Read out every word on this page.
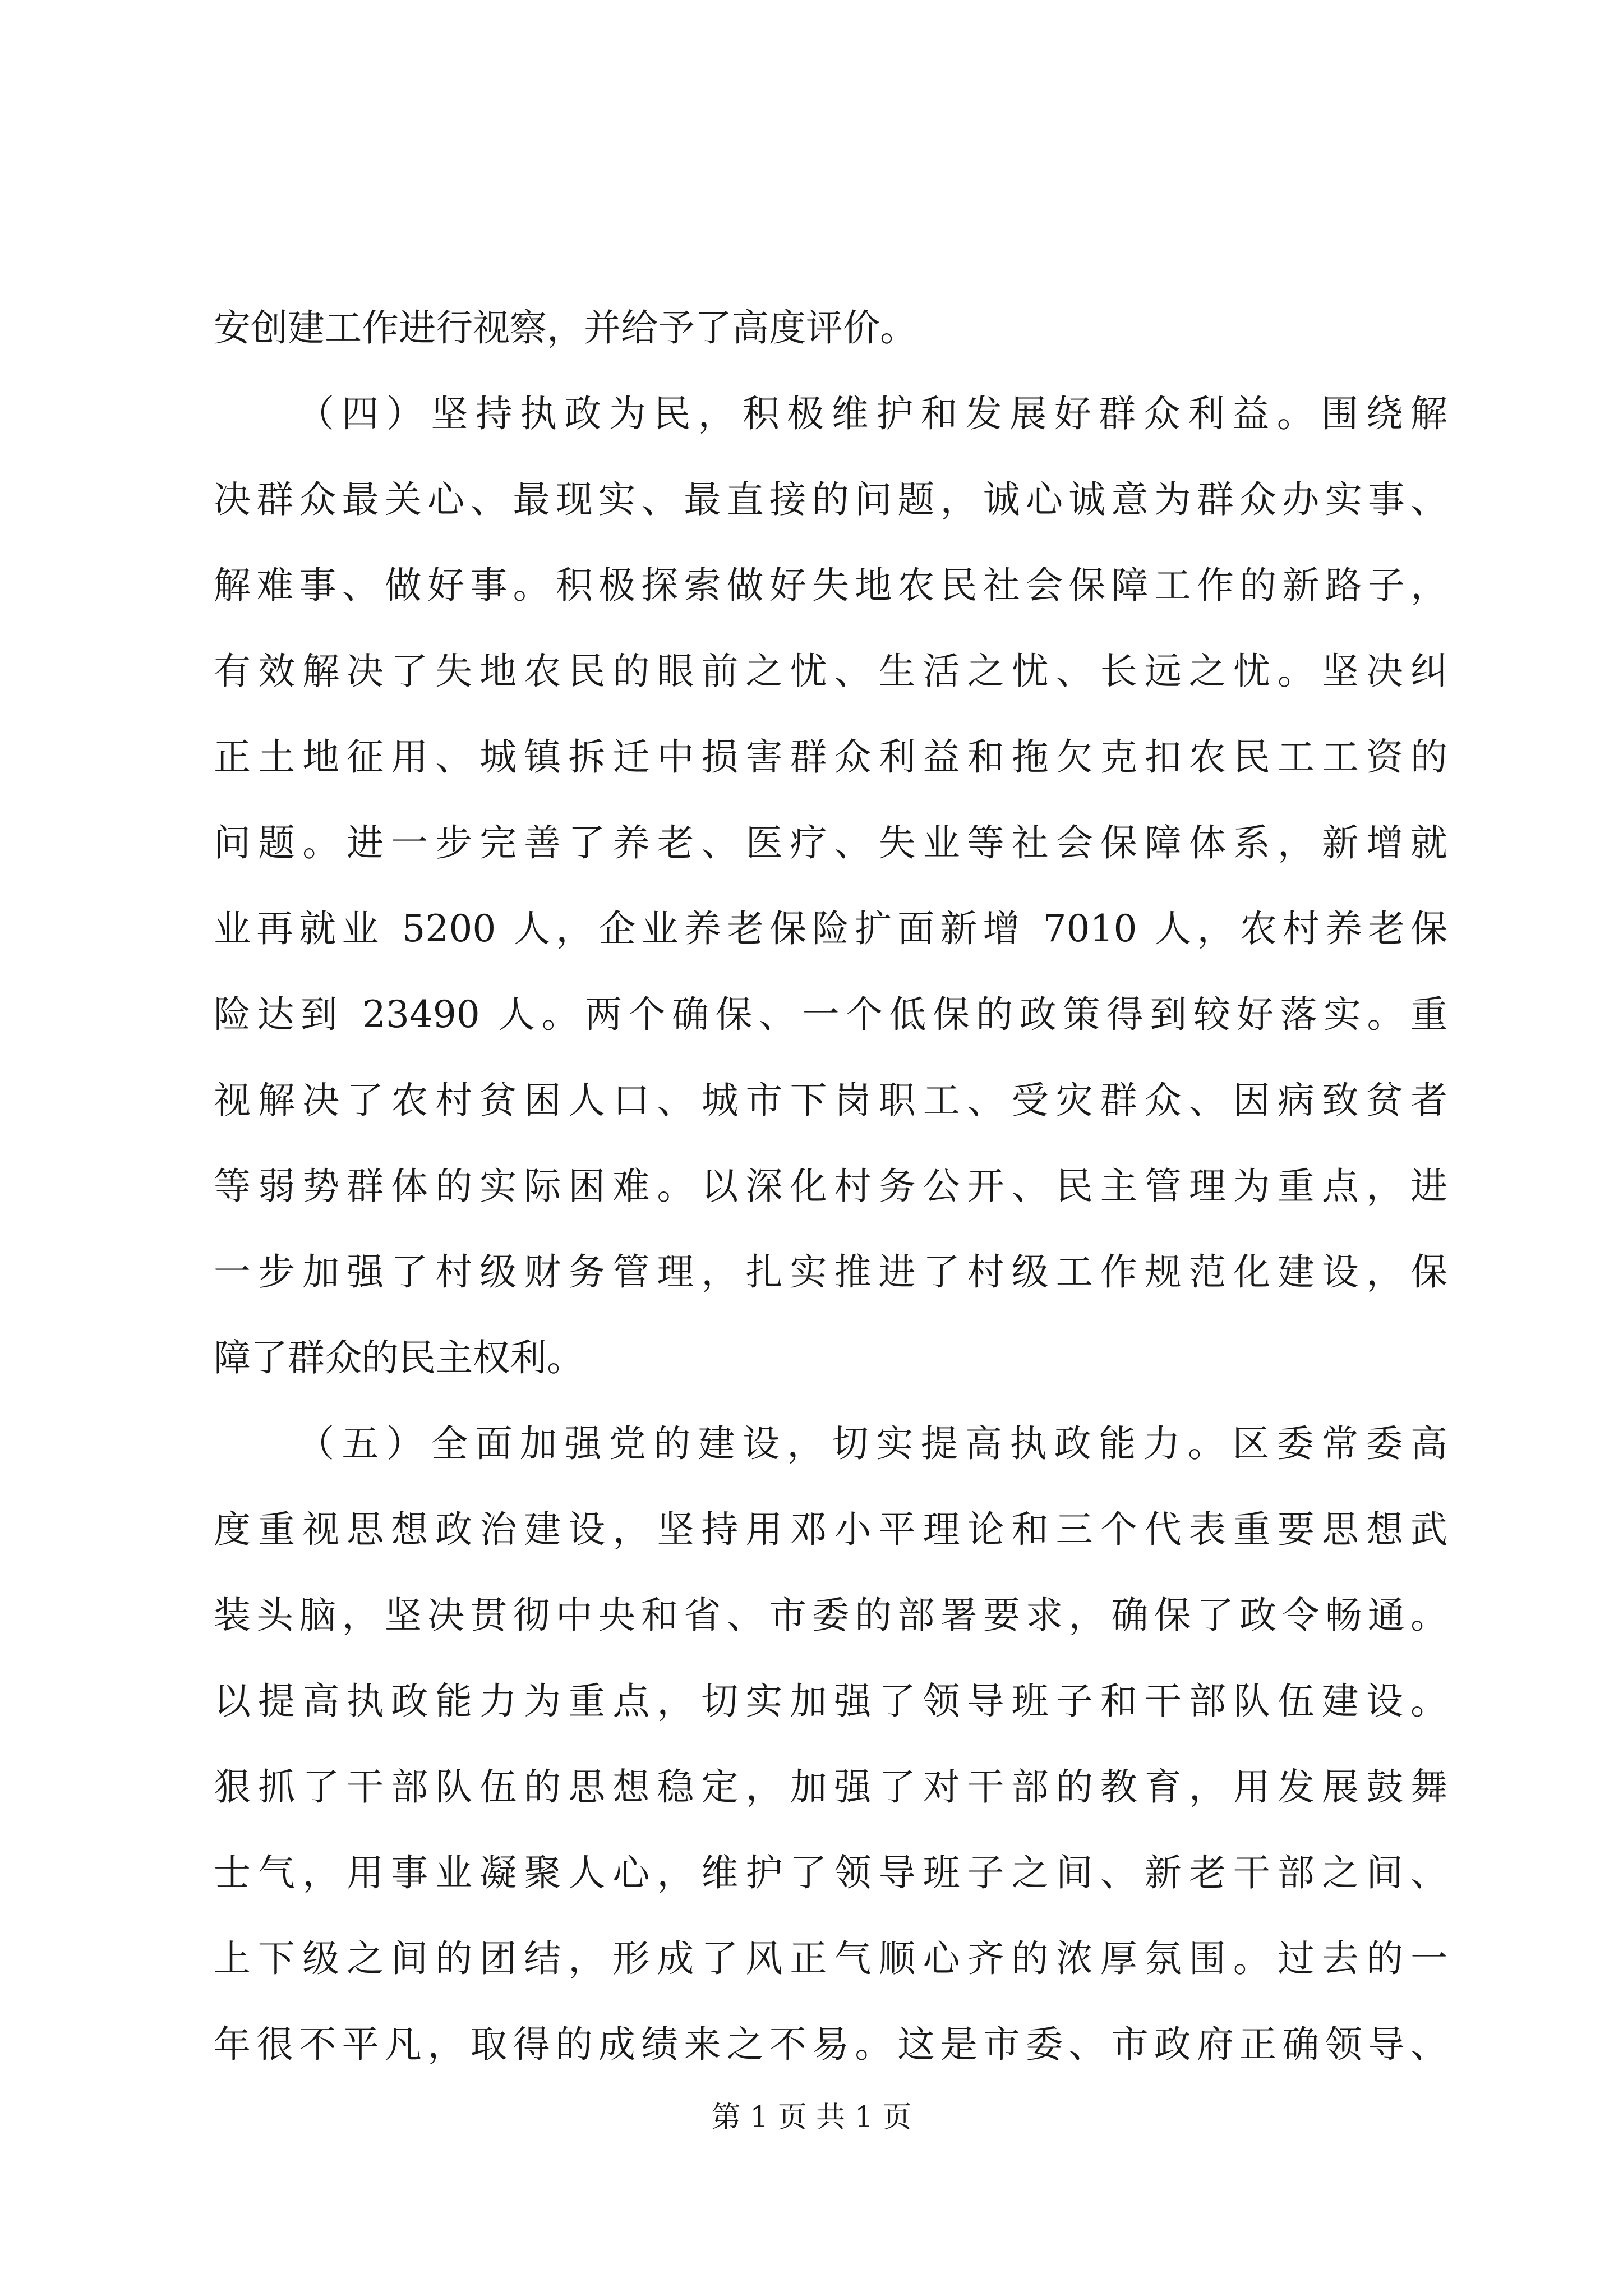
安创建工作进行视察，并给予了高度评价。
（四）坚持执政为民，积极维护和发展好群众利益。围绕解
决群众最关心、最现实、最直接的问题，诚心诚意为群众办实事、
解难事、做好事。积极探索做好失地农民社会保障工作的新路子，
有效解决了失地农民的眼前之忧、生活之忧、长远之忧。坚决纠
正土地征用、城镇拆迁中损害群众利益和拖欠克扣农民工工资的
问题。进一步完善了养老、医疗、失业等社会保障体系，新增就
业再就业 5200 人，企业养老保险扩面新增 7010 人，农村养老保
险达到 23490 人。两个确保、一个低保的政策得到较好落实。重
视解决了农村贫困人口、城市下岗职工、受灾群众、因病致贫者
等弱势群体的实际困难。以深化村务公开、民主管理为重点，进
一步加强了村级财务管理，扎实推进了村级工作规范化建设，保
障了群众的民主权利。
（五）全面加强党的建设，切实提高执政能力。区委常委高
度重视思想政治建设，坚持用邓小平理论和三个代表重要思想武
装头脑，坚决贯彻中央和省、市委的部署要求，确保了政令畅通。
以提高执政能力为重点，切实加强了领导班子和干部队伍建设。
狠抓了干部队伍的思想稳定，加强了对干部的教育，用发展鼓舞
士气，用事业凝聚人心，维护了领导班子之间、新老干部之间、
上下级之间的团结，形成了风正气顺心齐的浓厚氛围。过去的一
年很不平凡，取得的成绩来之不易。这是市委、市政府正确领导、
第 1 页 共 1 页
